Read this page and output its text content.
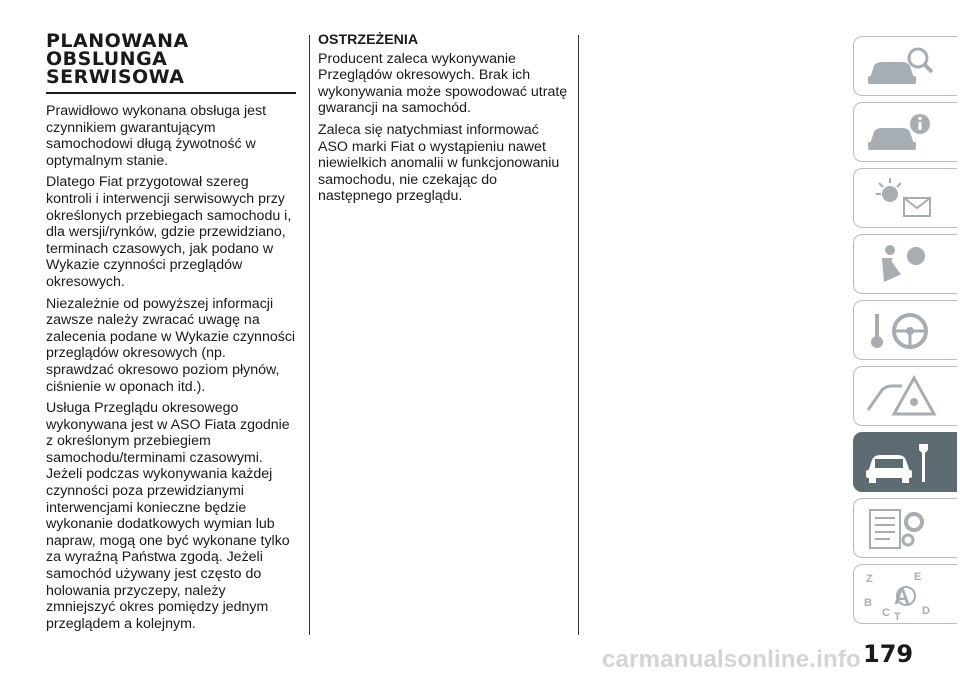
PLANOWANA
OBSLUNGA
SERWISOWA

Prawidłowo wykonana obsługa jest czynnikiem gwarantującym samochodowi długą żywotność w optymalnym stanie.

Dlatego Fiat przygotował szereg kontroli i interwencji serwisowych przy określonych przebiegach samochodu i, dla wersji/rynków, gdzie przewidziano, terminach czasowych, jak podano w Wykazie czynności przeglądów okresowych.

Niezależnie od powyższej informacji zawsze należy zwracać uwagę na zalecenia podane w Wykazie czynności przeglądów okresowych (np. sprawdzać okresowo poziom płynów, ciśnienie w oponach itd.).

Usługa Przeglądu okresowego wykonywana jest w ASO Fiata zgodnie z określonym przebiegiem samochodu/terminami czasowymi. Jeżeli podczas wykonywania każdej czynności poza przewidzianymi interwencjami konieczne będzie wykonanie dodatkowych wymian lub napraw, mogą one być wykonane tylko za wyraźną Państwa zgodą. Jeżeli samochód używany jest często do holowania przyczepy, należy zmniejszyć okres pomiędzy jednym przeglądem a kolejnym.

OSTRZEŻENIA

Producent zaleca wykonywanie Przeglądów okresowych. Brak ich wykonywania może spowodować utratę gwarancji na samochód.

Zaleca się natychmiast informować ASO marki Fiat o wystąpieniu nawet niewielkich anomalii w funkcjonowaniu samochodu, nie czekając do następnego przeglądu.

Z	E
B
D
C T
A
179
carmanualsonline.info
